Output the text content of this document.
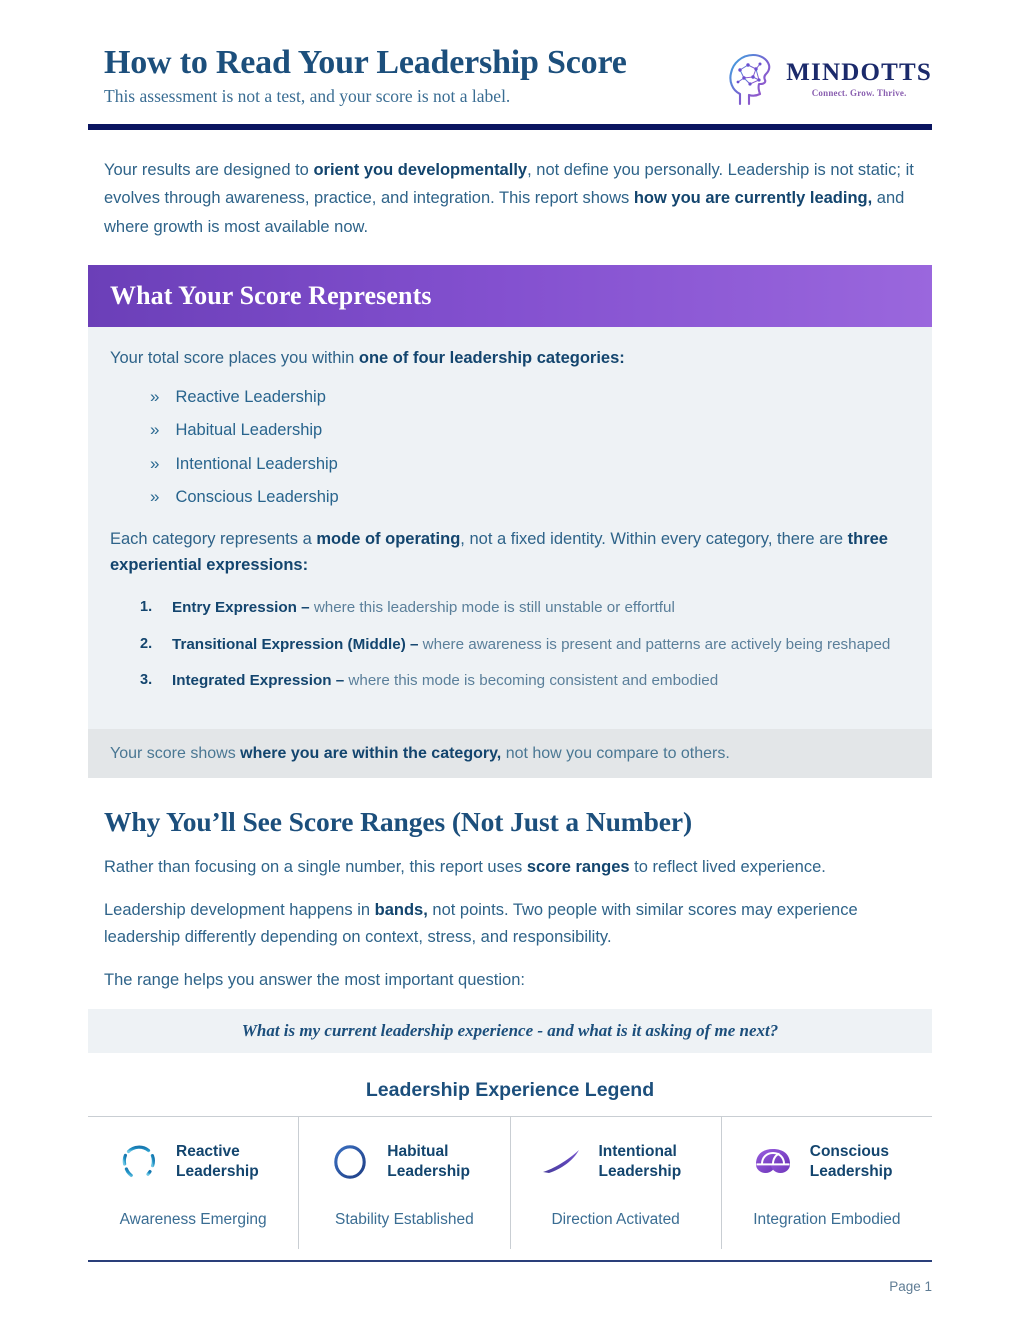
How to Read Your Leadership Score

This assessment is not a test, and your score is not a label.

MINDOTTS
Connect. Grow. Thrive.
Your results are designed to orient you developmentally, not define you personally. Leadership is not static; it evolves through awareness, practice, and integration. This report shows how you are currently leading, and where growth is most available now.
What Your Score Represents

Your total score places you within one of four leadership categories:

» Reactive Leadership
» Habitual Leadership
» Intentional Leadership
» Conscious Leadership

Each category represents a mode of operating, not a fixed identity. Within every category, there are three experiential expressions:

Entry Expression – where this leadership mode is still unstable or effortful
Transitional Expression (Middle) – where awareness is present and patterns are actively being reshaped
Integrated Expression – where this mode is becoming consistent and embodied
Your score shows where you are within the category, not how you compare to others.
Why You’ll See Score Ranges (Not Just a Number)

Rather than focusing on a single number, this report uses score ranges to reflect lived experience.

Leadership development happens in bands, not points. Two people with similar scores may experience leadership differently depending on context, stress, and responsibility.

The range helps you answer the most important question:

What is my current leadership experience - and what is it asking of me next?
Leadership Experience Legend
Reactive
Leadership
Awareness Emerging
Habitual
Leadership
Stability Established
Intentional
Leadership
Direction Activated
Conscious
Leadership
Integration Embodied
Page 1
